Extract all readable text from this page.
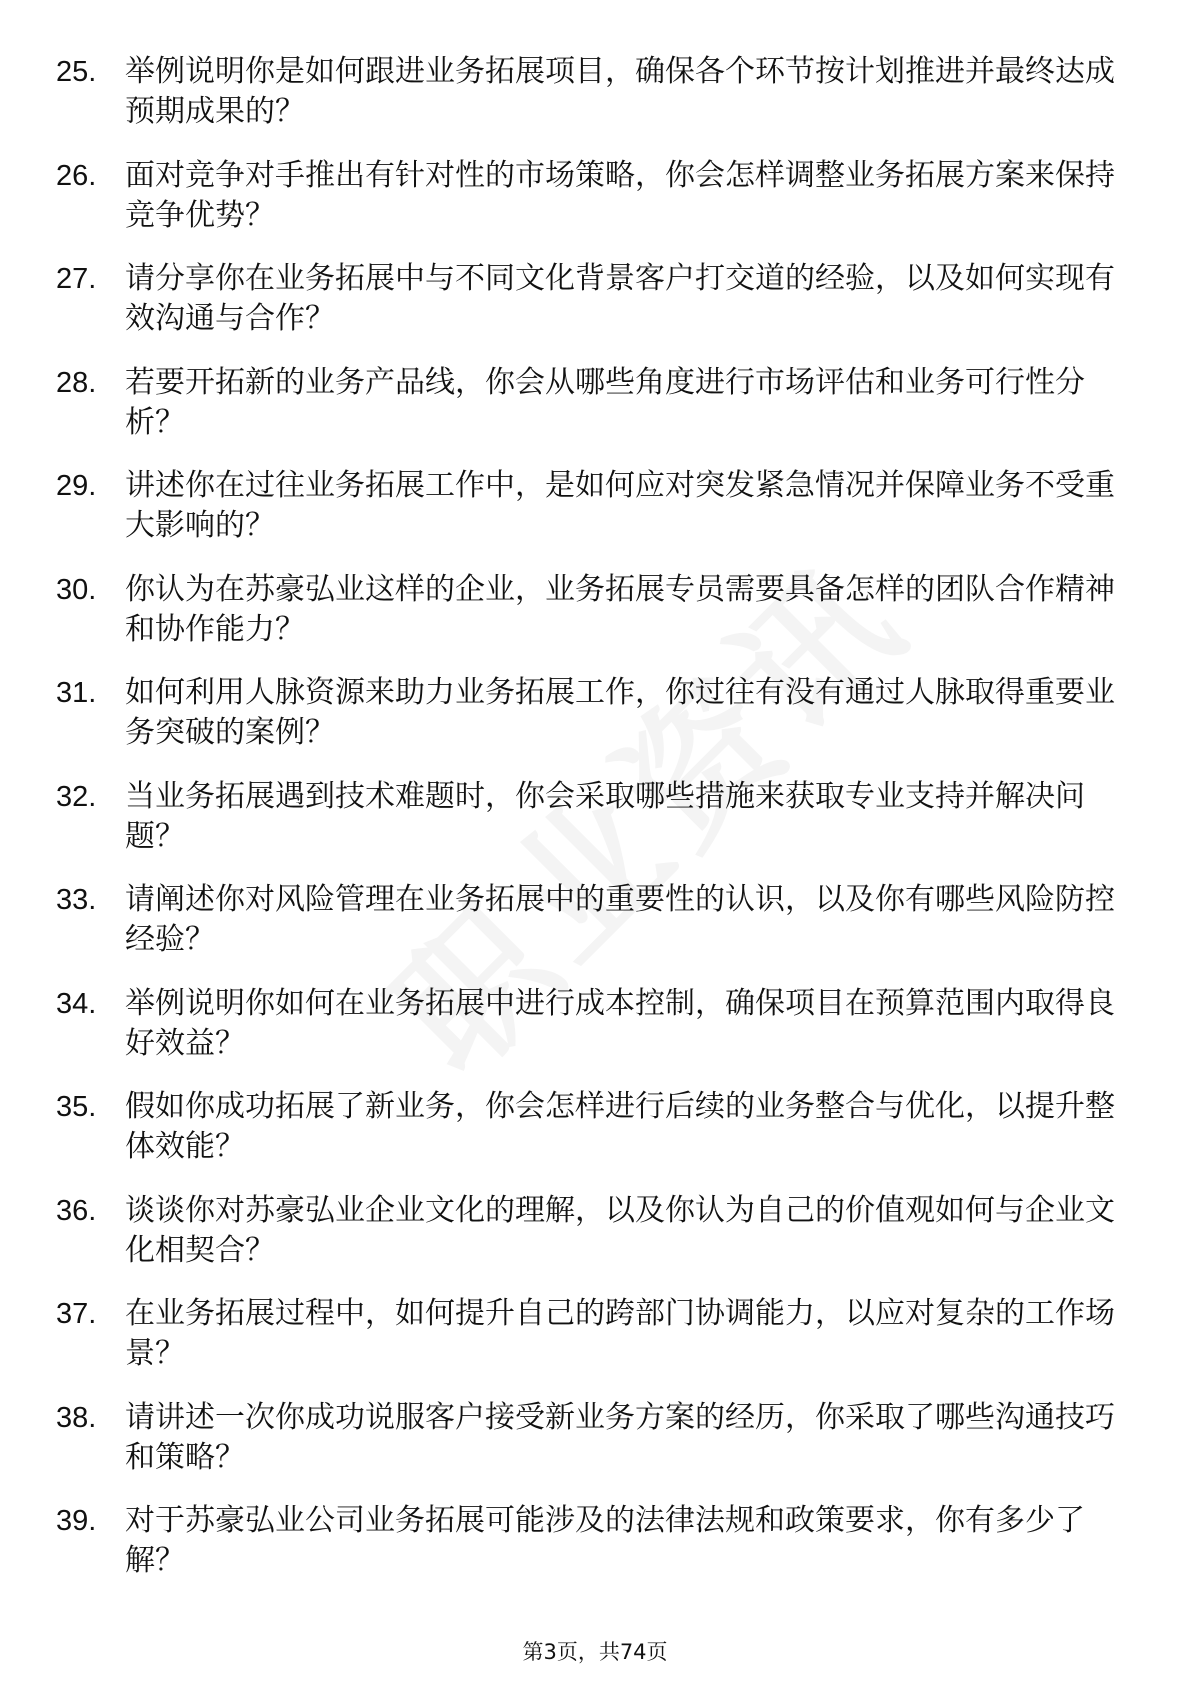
25. 举例说明你是如何跟进业务拓展项目，确保各个环节按计划推进并最终达成预期成果的？
26. 面对竞争对手推出有针对性的市场策略，你会怎样调整业务拓展方案来保持竞争优势？
27. 请分享你在业务拓展中与不同文化背景客户打交道的经验，以及如何实现有效沟通与合作？
28. 若要开拓新的业务产品线，你会从哪些角度进行市场评估和业务可行性分析？
29. 讲述你在过往业务拓展工作中，是如何应对突发紧急情况并保障业务不受重大影响的？
30. 你认为在苏豪弘业这样的企业，业务拓展专员需要具备怎样的团队合作精神和协作能力？
31. 如何利用人脉资源来助力业务拓展工作，你过往有没有通过人脉取得重要业务突破的案例？
32. 当业务拓展遇到技术难题时，你会采取哪些措施来获取专业支持并解决问题？
33. 请阐述你对风险管理在业务拓展中的重要性的认识，以及你有哪些风险防控经验？
34. 举例说明你如何在业务拓展中进行成本控制，确保项目在预算范围内取得良好效益？
35. 假如你成功拓展了新业务，你会怎样进行后续的业务整合与优化，以提升整体效能？
36. 谈谈你对苏豪弘业企业文化的理解，以及你认为自己的价值观如何与企业文化相契合？
37. 在业务拓展过程中，如何提升自己的跨部门协调能力，以应对复杂的工作场景？
38. 请讲述一次你成功说服客户接受新业务方案的经历，你采取了哪些沟通技巧和策略？
39. 对于苏豪弘业公司业务拓展可能涉及的法律法规和政策要求，你有多少了解？
第3页，共74页
